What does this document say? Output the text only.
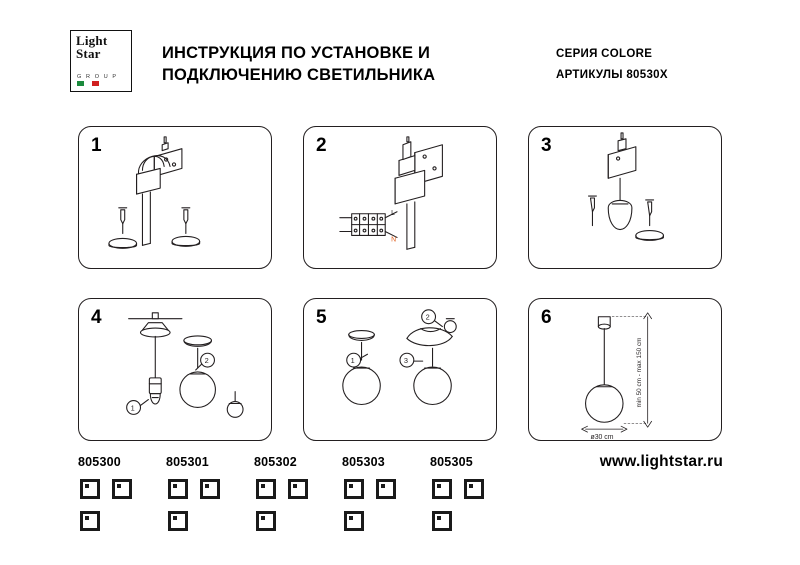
Light
Star
G R O U P
ИНСТРУКЦИЯ ПО УСТАНОВКЕ И
ПОДКЛЮЧЕНИЮ СВЕТИЛЬНИКА
СЕРИЯ COLORE
АРТИКУЛЫ 80530X
1	2
L
N
3
4
1
2
5
1
2
3
6
min 50 cm - max 150 cm
ø30 cm
805300	805301	805302	805303	805305	www.lightstar.ru
